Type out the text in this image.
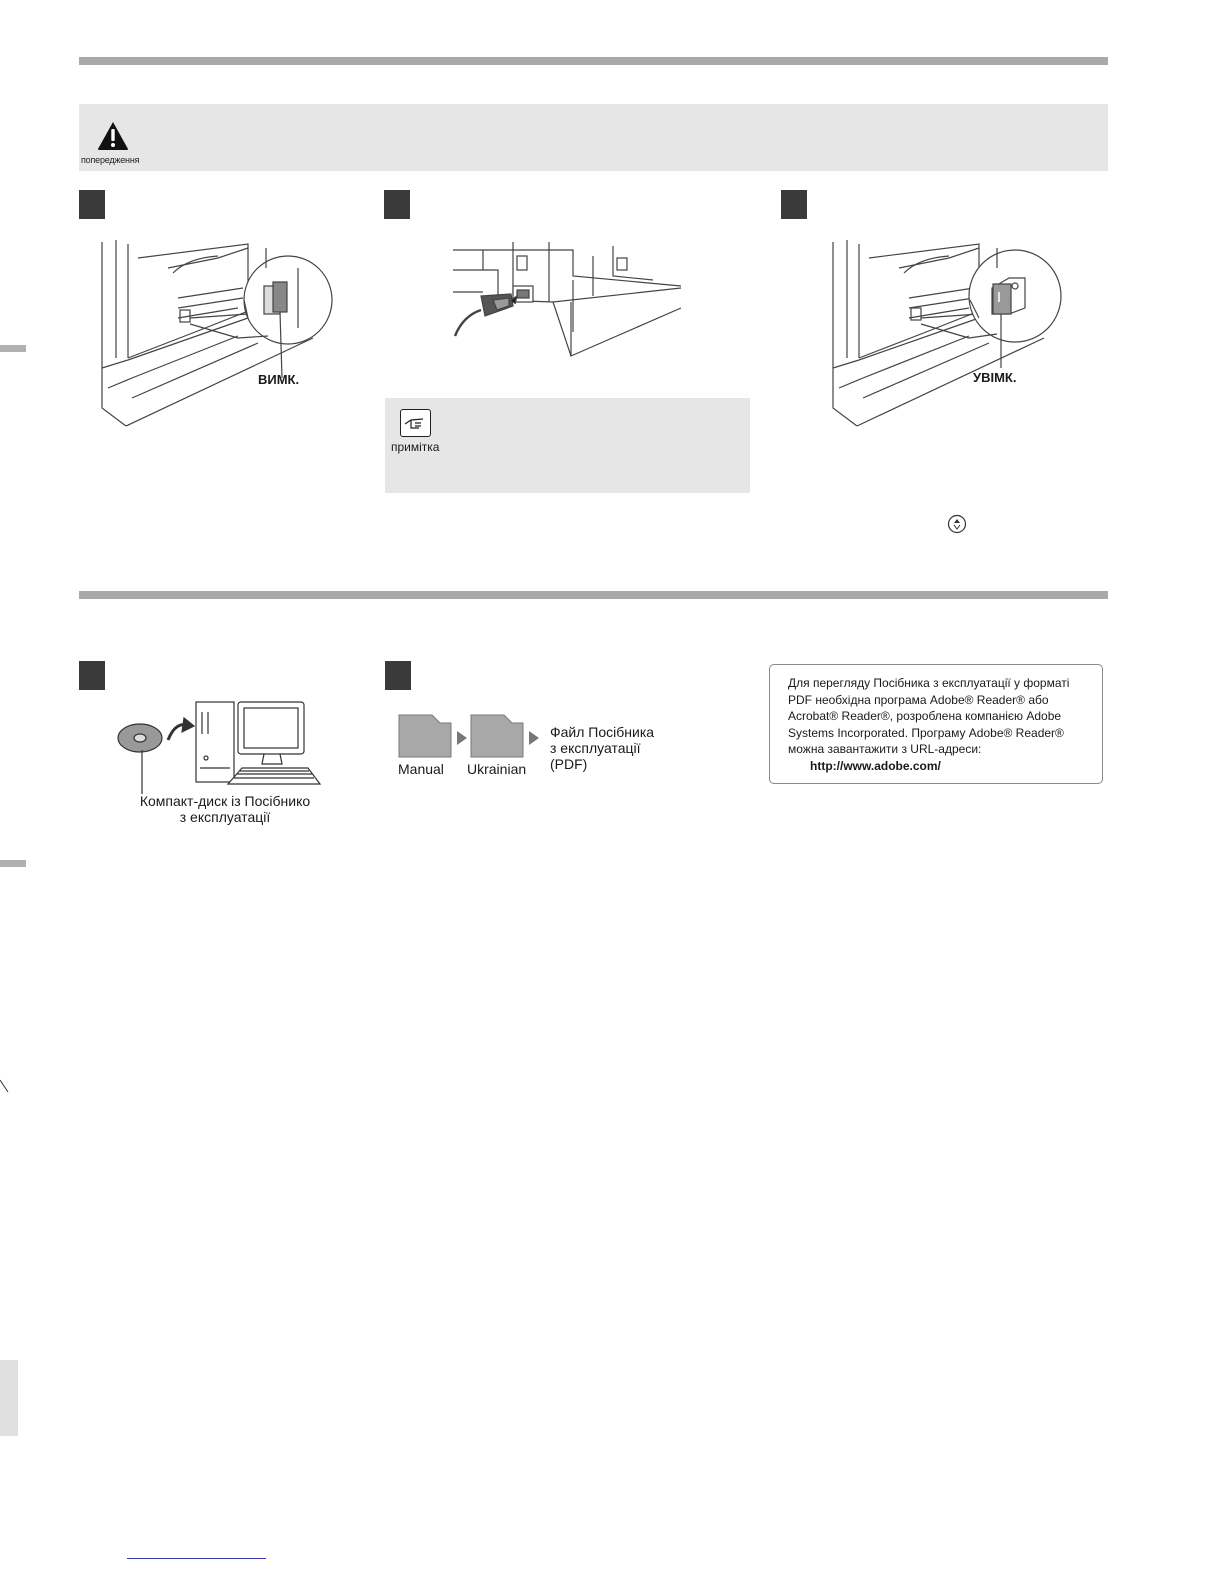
попередження
ВИМК.
примітка
УВІМК.
Компакт-диск із Посібнико
з експлуатації
Manual Ukrainian
Файл Посібника
з експлуатації
(PDF)
Для перегляду Посібника з експлуатації у форматі
PDF необхідна програма Adobe® Reader® або
Acrobat® Reader®, розроблена компанією Adobe
Systems Incorporated. Програму Adobe® Reader®
можна завантажити з URL-адреси:
http://www.adobe.com/
